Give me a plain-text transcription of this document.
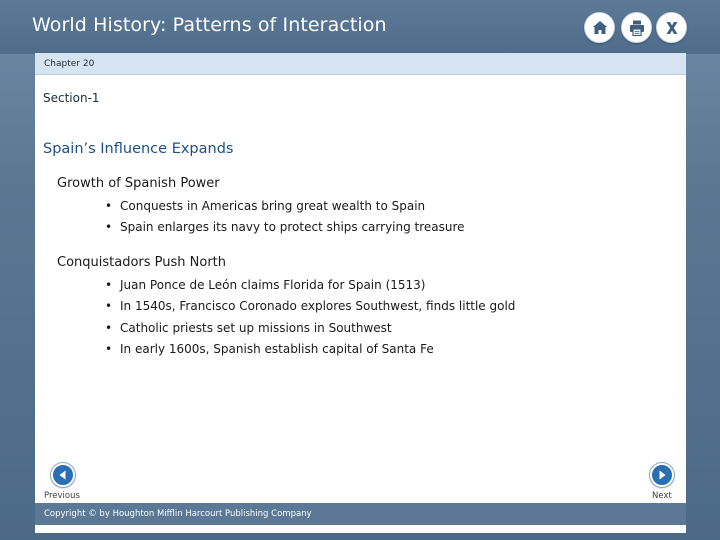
World History: Patterns of Interaction
Chapter 20
Section-1
Spain’s Influence Expands
Growth of Spanish Power
• Conquests in Americas bring great wealth to Spain
• Spain enlarges its navy to protect ships carrying treasure
Conquistadors Push North
• Juan Ponce de León claims Florida for Spain (1513)
• In 1540s, Francisco Coronado explores Southwest, finds little gold
• Catholic priests set up missions in Southwest
• In early 1600s, Spanish establish capital of Santa Fe
Previous	Next
Copyright © by Houghton Mifflin Harcourt Publishing Company
